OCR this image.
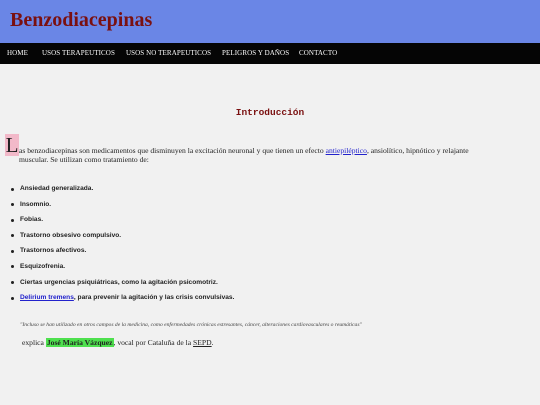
Benzodiacepinas
HOME USOS TERAPEUTICOS USOS NO TERAPEUTICOS PELIGROS Y DAÑOS CONTACTO
Introducción
L as benzodiacepinas son medicamentos que disminuyen la excitación neuronal y que tienen un efecto antiepiléptico, ansiolítico, hipnótico y relajante
muscular. Se utilizan como tratamiento de:
Ansiedad generalizada.
Insomnio.
Fobias.
Trastorno obsesivo compulsivo.
Trastornos afectivos.
Esquizofrenia.
Ciertas urgencias psiquiátricas, como la agitación psicomotriz.
Delirium tremens, para prevenir la agitación y las crisis convulsivas.
"Incluso se han utilizado en otros campos de la medicina, como enfermedades crónicas estresantes, cáncer, alteraciones cardiovasculares o reumáticas"
explica José María Vázquez, vocal por Cataluña de la SEPD.
